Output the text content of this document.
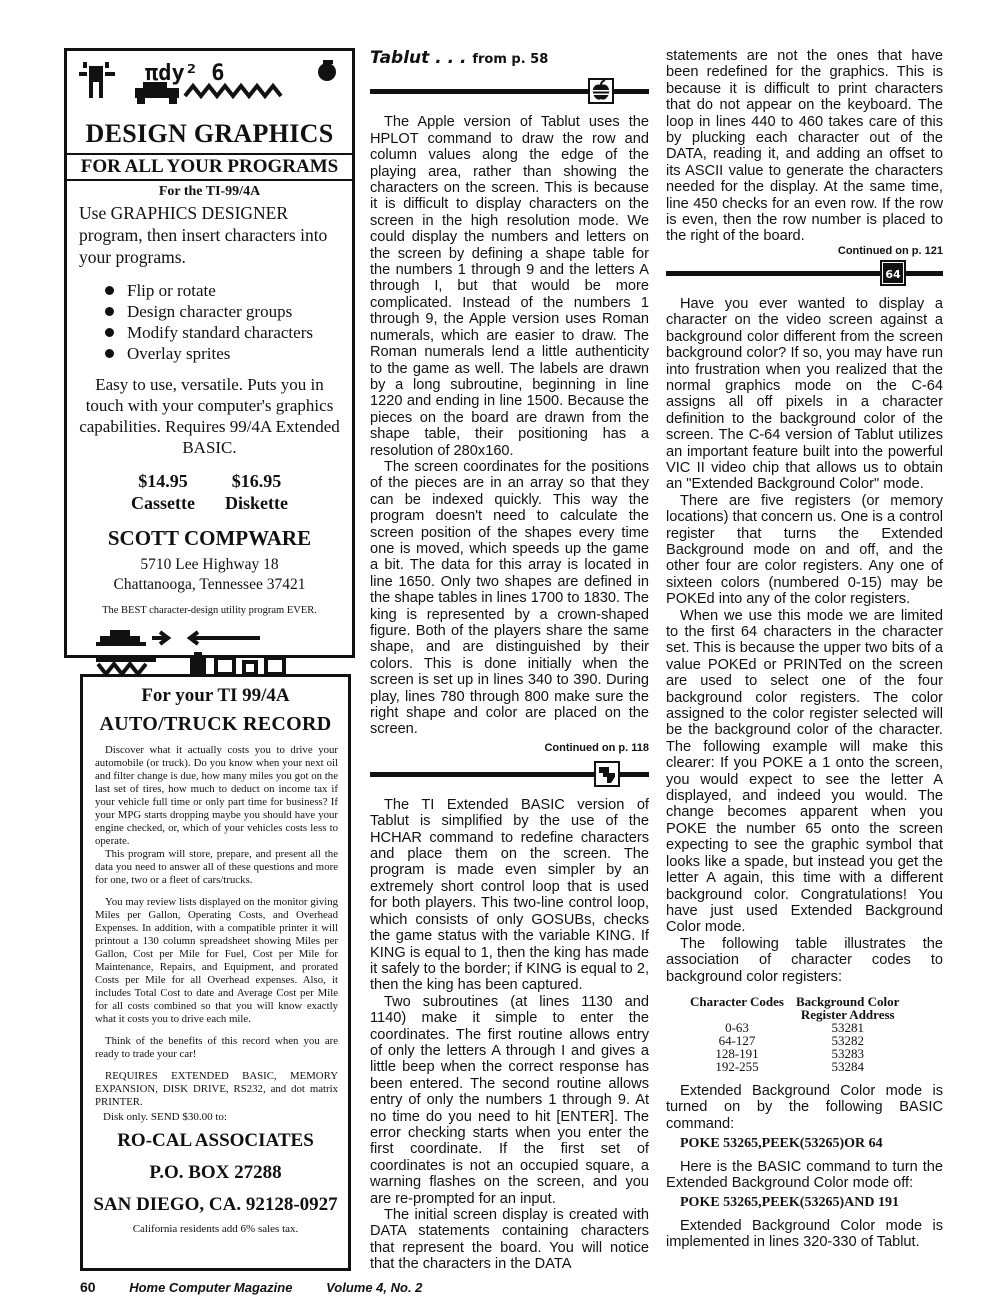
πdy² 6
DESIGN GRAPHICS
FOR ALL YOUR PROGRAMS
For the TI-99/4A
Use GRAPHICS DESIGNER program, then insert characters into your programs.
Flip or rotate
Design character groups
Modify standard characters
Overlay sprites
Easy to use, versatile. Puts you in touch with your computer's graphics capabilities. Requires 99/4A Extended BASIC.
$14.95
Cassette
$16.95
Diskette
SCOTT COMPWARE
5710 Lee Highway 18
Chattanooga, Tennessee 37421
The BEST character-design utility program EVER.
For your TI 99/4A
AUTO/TRUCK RECORD

Discover what it actually costs you to drive your automobile (or truck). Do you know when your next oil and filter change is due, how many miles you got on the last set of tires, how much to deduct on income tax if your vehicle full time or only part time for business? If your MPG starts dropping maybe you should have your engine checked, or, which of your vehicles costs less to operate.

This program will store, prepare, and present all the data you need to answer all of these questions and more for one, two or a fleet of cars/trucks.

You may review lists displayed on the monitor giving Miles per Gallon, Operating Costs, and Overhead Expenses. In addition, with a compatible printer it will printout a 130 column spreadsheet showing Miles per Gallon, Cost per Mile for Fuel, Cost per Mile for Maintenance, Repairs, and Equipment, and prorated Costs per Mile for all Overhead expenses. Also, it includes Total Cost to date and Average Cost per Mile for all costs combined so that you will know exactly what it costs you to drive each mile.

Think of the benefits of this record when you are ready to trade your car!

REQUIRES EXTENDED BASIC, MEMORY EXPANSION, DISK DRIVE, RS232, and dot matrix PRINTER.

Disk only. SEND $30.00 to:
RO-CAL ASSOCIATES
P.O. BOX 27288
SAN DIEGO, CA. 92128-0927
California residents add 6% sales tax.
Tablut . . . from p. 58

The Apple version of Tablut uses the HPLOT command to draw the row and column values along the edge of the playing area, rather than showing the characters on the screen. This is because it is difficult to display characters on the screen in the high resolution mode. We could display the numbers and letters on the screen by defining a shape table for the numbers 1 through 9 and the letters A through I, but that would be more complicated. Instead of the numbers 1 through 9, the Apple version uses Roman numerals, which are easier to draw. The Roman numerals lend a little authenticity to the game as well. The labels are drawn by a long subroutine, beginning in line 1220 and ending in line 1500. Because the pieces on the board are drawn from the shape table, their positioning has a resolution of 280x160.

The screen coordinates for the positions of the pieces are in an array so that they can be indexed quickly. This way the program doesn't need to calculate the screen position of the shapes every time one is moved, which speeds up the game a bit. The data for this array is located in line 1650. Only two shapes are defined in the shape tables in lines 1700 to 1830. The king is represented by a crown-shaped figure. Both of the players share the same shape, and are distinguished by their colors. This is done initially when the screen is set up in lines 340 to 390. During play, lines 780 through 800 make sure the right shape and color are placed on the screen.

Continued on p. 118

The TI Extended BASIC version of Tablut is simplified by the use of the HCHAR command to redefine characters and place them on the screen. The program is made even simpler by an extremely short control loop that is used for both players. This two-line control loop, which consists of only GOSUBs, checks the game status with the variable KING. If KING is equal to 1, then the king has made it safely to the border; if KING is equal to 2, then the king has been captured.

Two subroutines (at lines 1130 and 1140) make it simple to enter the coordinates. The first routine allows entry of only the letters A through I and gives a little beep when the correct response has been entered. The second routine allows entry of only the numbers 1 through 9. At no time do you need to hit [ENTER]. The error checking starts when you enter the first coordinate. If the first set of coordinates is not an occupied square, a warning flashes on the screen, and you are re-prompted for an input.

The initial screen display is created with DATA statements containing characters that represent the board. You will notice that the characters in the DATA

statements are not the ones that have been redefined for the graphics. This is because it is difficult to print characters that do not appear on the keyboard. The loop in lines 440 to 460 takes care of this by plucking each character out of the DATA, reading it, and adding an offset to its ASCII value to generate the characters needed for the display. At the same time, line 450 checks for an even row. If the row is even, then the row number is placed to the right of the board.

Continued on p. 121
64

Have you ever wanted to display a character on the video screen against a background color different from the screen background color? If so, you may have run into frustration when you realized that the normal graphics mode on the C-64 assigns all off pixels in a character definition to the background color of the screen. The C-64 version of Tablut utilizes an important feature built into the powerful VIC II video chip that allows us to obtain an "Extended Background Color" mode.

There are five registers (or memory locations) that concern us. One is a control register that turns the Extended Background mode on and off, and the other four are color registers. Any one of sixteen colors (numbered 0-15) may be POKEd into any of the color registers.

When we use this mode we are limited to the first 64 characters in the character set. This is because the upper two bits of a value POKEd or PRINTed on the screen are used to select one of the four background color registers. The color assigned to the color register selected will be the background color of the character. The following example will make this clearer: If you POKE a 1 onto the screen, you would expect to see the letter A displayed, and indeed you would. The change becomes apparent when you POKE the number 65 onto the screen expecting to see the graphic symbol that looks like a spade, but instead you get the letter A again, this time with a different background color. Congratulations! You have just used Extended Background Color mode.

The following table illustrates the association of character codes to background color registers:

Character Codes	Background Color
Register Address
0-63	53281
64-127	53282
128-191	53283
192-255	53284

Extended Background Color mode is turned on by the following BASIC command:

POKE 53265,PEEK(53265)OR 64

Here is the BASIC command to turn the Extended Background Color mode off:

POKE 53265,PEEK(53265)AND 191

Extended Background Color mode is implemented in lines 320-330 of Tablut.

60	Home Computer Magazine	Volume 4, No. 2
